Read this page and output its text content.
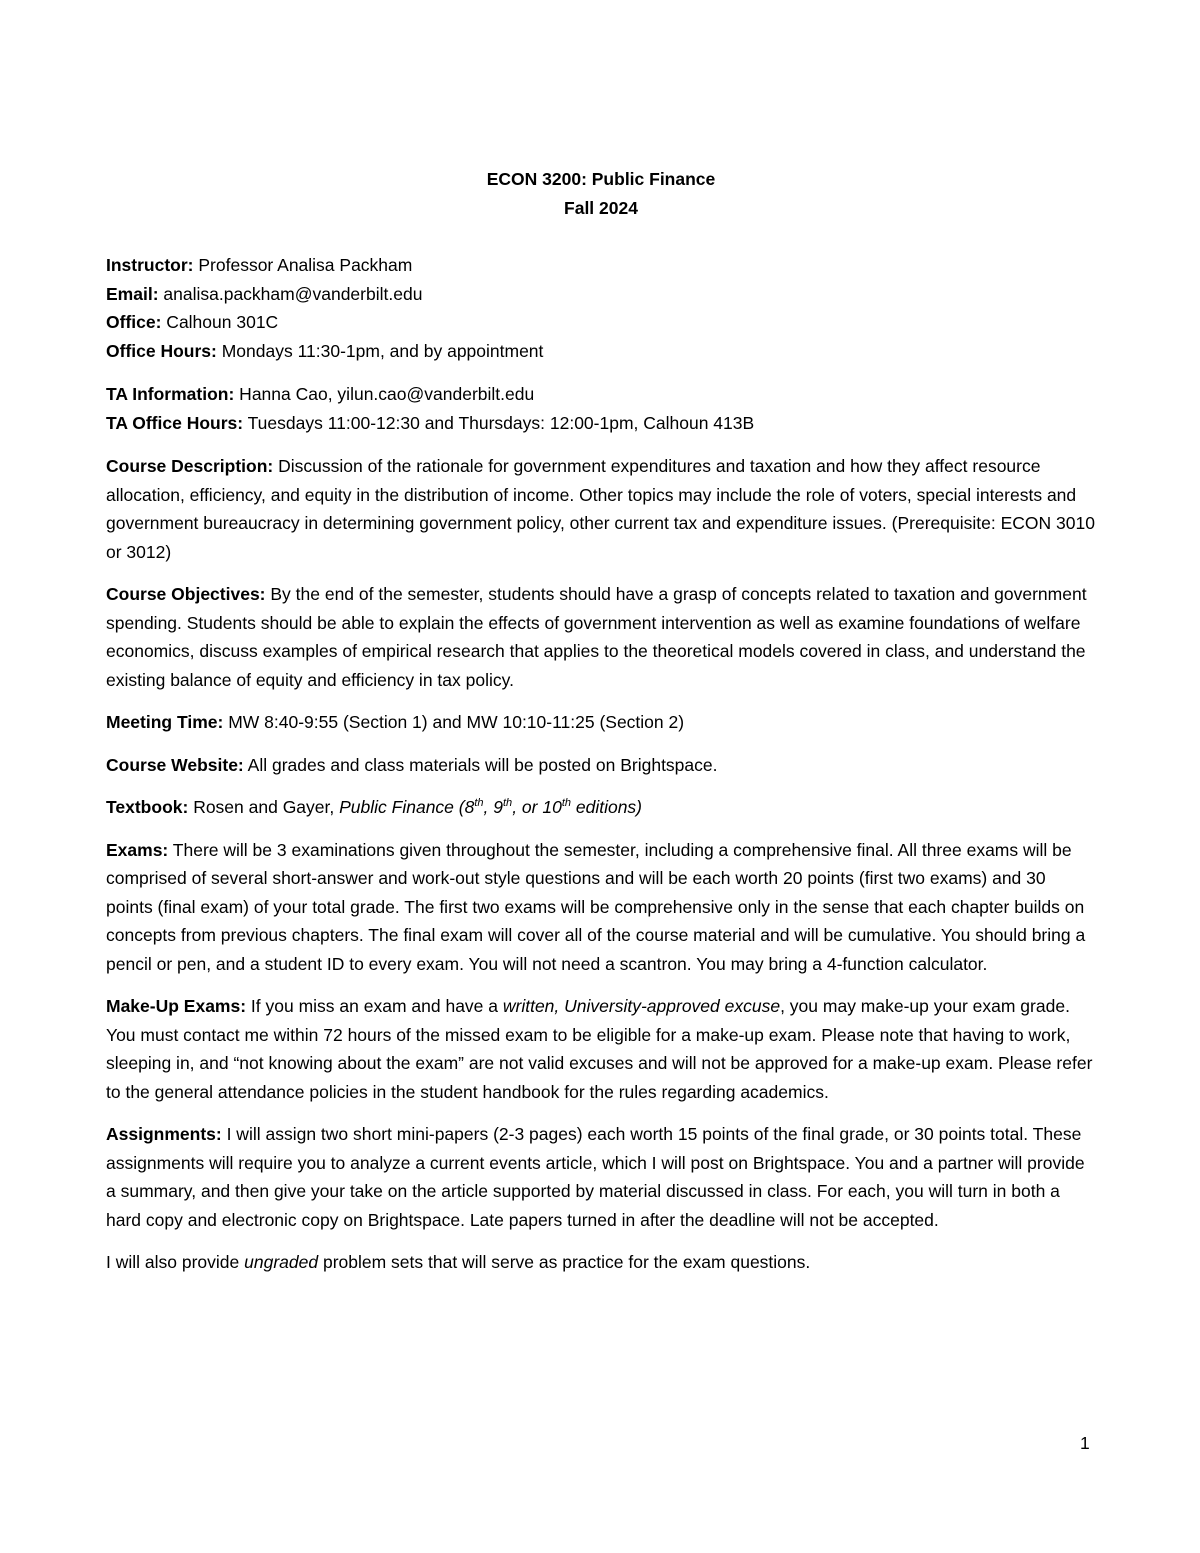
ECON 3200: Public Finance
Fall 2024

Instructor: Professor Analisa Packham

Email: analisa.packham@vanderbilt.edu

Office: Calhoun 301C

Office Hours: Mondays 11:30-1pm, and by appointment

TA Information: Hanna Cao, yilun.cao@vanderbilt.edu

TA Office Hours: Tuesdays 11:00-12:30 and Thursdays: 12:00-1pm, Calhoun 413B

Course Description: Discussion of the rationale for government expenditures and taxation and how they affect resource allocation, efficiency, and equity in the distribution of income. Other topics may include the role of voters, special interests and government bureaucracy in determining government policy, other current tax and expenditure issues. (Prerequisite: ECON 3010 or 3012)

Course Objectives: By the end of the semester, students should have a grasp of concepts related to taxation and government spending. Students should be able to explain the effects of government intervention as well as examine foundations of welfare economics, discuss examples of empirical research that applies to the theoretical models covered in class, and understand the existing balance of equity and efficiency in tax policy.

Meeting Time: MW 8:40-9:55 (Section 1) and MW 10:10-11:25 (Section 2)

Course Website: All grades and class materials will be posted on Brightspace.

Textbook: Rosen and Gayer, Public Finance (8th, 9th, or 10th editions)

Exams: There will be 3 examinations given throughout the semester, including a comprehensive final. All three exams will be comprised of several short-answer and work-out style questions and will be each worth 20 points (first two exams) and 30 points (final exam) of your total grade. The first two exams will be comprehensive only in the sense that each chapter builds on concepts from previous chapters. The final exam will cover all of the course material and will be cumulative. You should bring a pencil or pen, and a student ID to every exam. You will not need a scantron. You may bring a 4-function calculator.

Make-Up Exams: If you miss an exam and have a written, University-approved excuse, you may make-up your exam grade. You must contact me within 72 hours of the missed exam to be eligible for a make-up exam. Please note that having to work, sleeping in, and “not knowing about the exam” are not valid excuses and will not be approved for a make-up exam. Please refer to the general attendance policies in the student handbook for the rules regarding academics.

Assignments: I will assign two short mini-papers (2-3 pages) each worth 15 points of the final grade, or 30 points total. These assignments will require you to analyze a current events article, which I will post on Brightspace. You and a partner will provide a summary, and then give your take on the article supported by material discussed in class. For each, you will turn in both a hard copy and electronic copy on Brightspace. Late papers turned in after the deadline will not be accepted.

I will also provide ungraded problem sets that will serve as practice for the exam questions.

1
